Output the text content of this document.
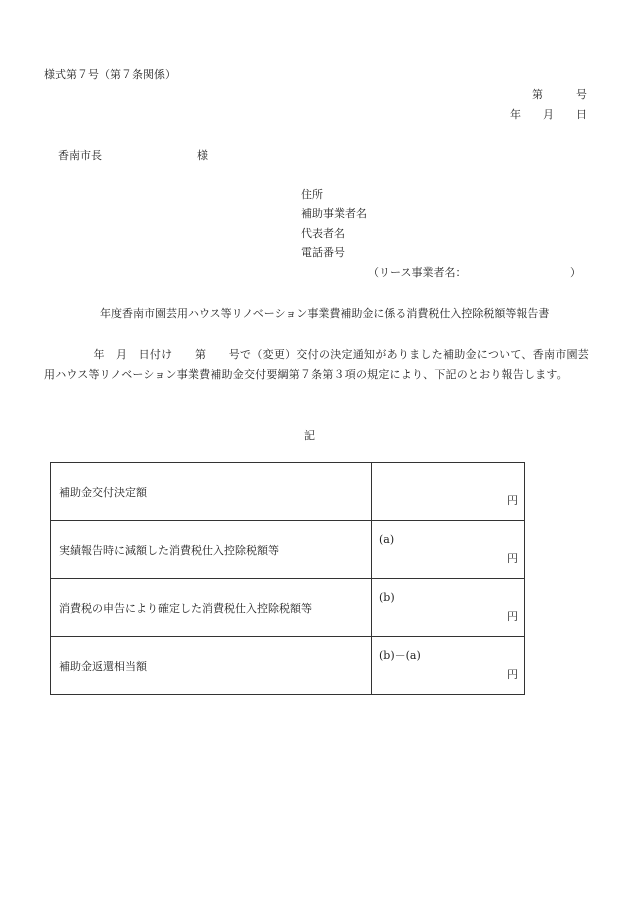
様式第７号（第７条関係）
第　　　号
年　　月　　日
香南市長	様
住所
補助事業者名
代表者名
電話番号
（リース事業者名：	）
年度香南市園芸用ハウス等リノベーション事業費補助金に係る消費税仕入控除税額等報告書
年　月　日付け　　第　　号で（変更）交付の決定通知がありました補助金について、香南市園芸用ハウス等リノベーション事業費補助金交付要綱第７条第３項の規定により、下記のとおり報告します。
記
補助金交付決定額	円

実績報告時に減額した消費税仕入控除税額等	(a)
円

消費税の申告により確定した消費税仕入控除税額等	(b)
円

補助金返還相当額	(b)－(a)
円
